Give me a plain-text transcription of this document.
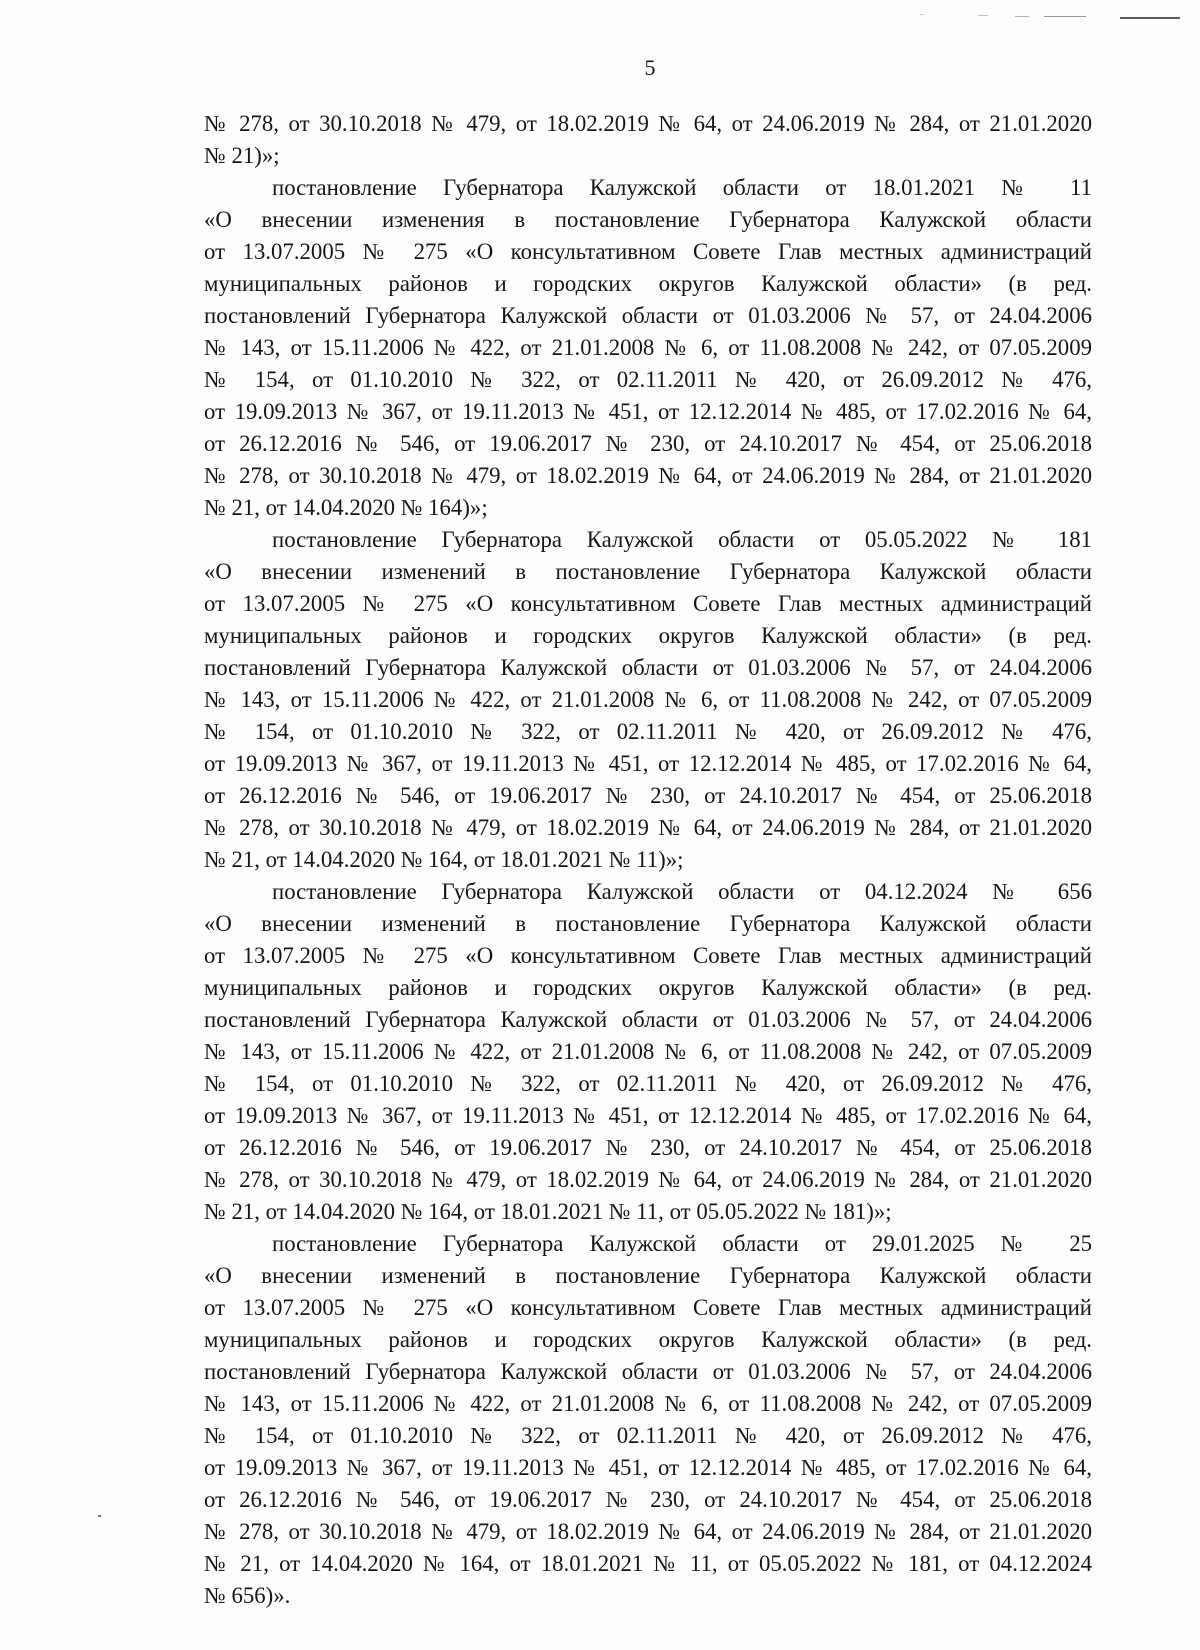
5
№ 278, от 30.10.2018 № 479, от 18.02.2019 № 64, от 24.06.2019 № 284, от 21.01.2020
№ 21)»;
постановление Губернатора Калужской области от 18.01.2021 № 11
«О внесении изменения в постановление Губернатора Калужской области
от 13.07.2005 № 275 «О консультативном Совете Глав местных администраций
муниципальных районов и городских округов Калужской области» (в ред.
постановлений Губернатора Калужской области от 01.03.2006 № 57, от 24.04.2006
№ 143, от 15.11.2006 № 422, от 21.01.2008 № 6, от 11.08.2008 № 242, от 07.05.2009
№ 154, от 01.10.2010 № 322, от 02.11.2011 № 420, от 26.09.2012 № 476,
от 19.09.2013 № 367, от 19.11.2013 № 451, от 12.12.2014 № 485, от 17.02.2016 № 64,
от 26.12.2016 № 546, от 19.06.2017 № 230, от 24.10.2017 № 454, от 25.06.2018
№ 278, от 30.10.2018 № 479, от 18.02.2019 № 64, от 24.06.2019 № 284, от 21.01.2020
№ 21, от 14.04.2020 № 164)»;
постановление Губернатора Калужской области от 05.05.2022 № 181
«О внесении изменений в постановление Губернатора Калужской области
от 13.07.2005 № 275 «О консультативном Совете Глав местных администраций
муниципальных районов и городских округов Калужской области» (в ред.
постановлений Губернатора Калужской области от 01.03.2006 № 57, от 24.04.2006
№ 143, от 15.11.2006 № 422, от 21.01.2008 № 6, от 11.08.2008 № 242, от 07.05.2009
№ 154, от 01.10.2010 № 322, от 02.11.2011 № 420, от 26.09.2012 № 476,
от 19.09.2013 № 367, от 19.11.2013 № 451, от 12.12.2014 № 485, от 17.02.2016 № 64,
от 26.12.2016 № 546, от 19.06.2017 № 230, от 24.10.2017 № 454, от 25.06.2018
№ 278, от 30.10.2018 № 479, от 18.02.2019 № 64, от 24.06.2019 № 284, от 21.01.2020
№ 21, от 14.04.2020 № 164, от 18.01.2021 № 11)»;
постановление Губернатора Калужской области от 04.12.2024 № 656
«О внесении изменений в постановление Губернатора Калужской области
от 13.07.2005 № 275 «О консультативном Совете Глав местных администраций
муниципальных районов и городских округов Калужской области» (в ред.
постановлений Губернатора Калужской области от 01.03.2006 № 57, от 24.04.2006
№ 143, от 15.11.2006 № 422, от 21.01.2008 № 6, от 11.08.2008 № 242, от 07.05.2009
№ 154, от 01.10.2010 № 322, от 02.11.2011 № 420, от 26.09.2012 № 476,
от 19.09.2013 № 367, от 19.11.2013 № 451, от 12.12.2014 № 485, от 17.02.2016 № 64,
от 26.12.2016 № 546, от 19.06.2017 № 230, от 24.10.2017 № 454, от 25.06.2018
№ 278, от 30.10.2018 № 479, от 18.02.2019 № 64, от 24.06.2019 № 284, от 21.01.2020
№ 21, от 14.04.2020 № 164, от 18.01.2021 № 11, от 05.05.2022 № 181)»;
постановление Губернатора Калужской области от 29.01.2025 № 25
«О внесении изменений в постановление Губернатора Калужской области
от 13.07.2005 № 275 «О консультативном Совете Глав местных администраций
муниципальных районов и городских округов Калужской области» (в ред.
постановлений Губернатора Калужской области от 01.03.2006 № 57, от 24.04.2006
№ 143, от 15.11.2006 № 422, от 21.01.2008 № 6, от 11.08.2008 № 242, от 07.05.2009
№ 154, от 01.10.2010 № 322, от 02.11.2011 № 420, от 26.09.2012 № 476,
от 19.09.2013 № 367, от 19.11.2013 № 451, от 12.12.2014 № 485, от 17.02.2016 № 64,
от 26.12.2016 № 546, от 19.06.2017 № 230, от 24.10.2017 № 454, от 25.06.2018
№ 278, от 30.10.2018 № 479, от 18.02.2019 № 64, от 24.06.2019 № 284, от 21.01.2020
№ 21, от 14.04.2020 № 164, от 18.01.2021 № 11, от 05.05.2022 № 181, от 04.12.2024
№ 656)».
